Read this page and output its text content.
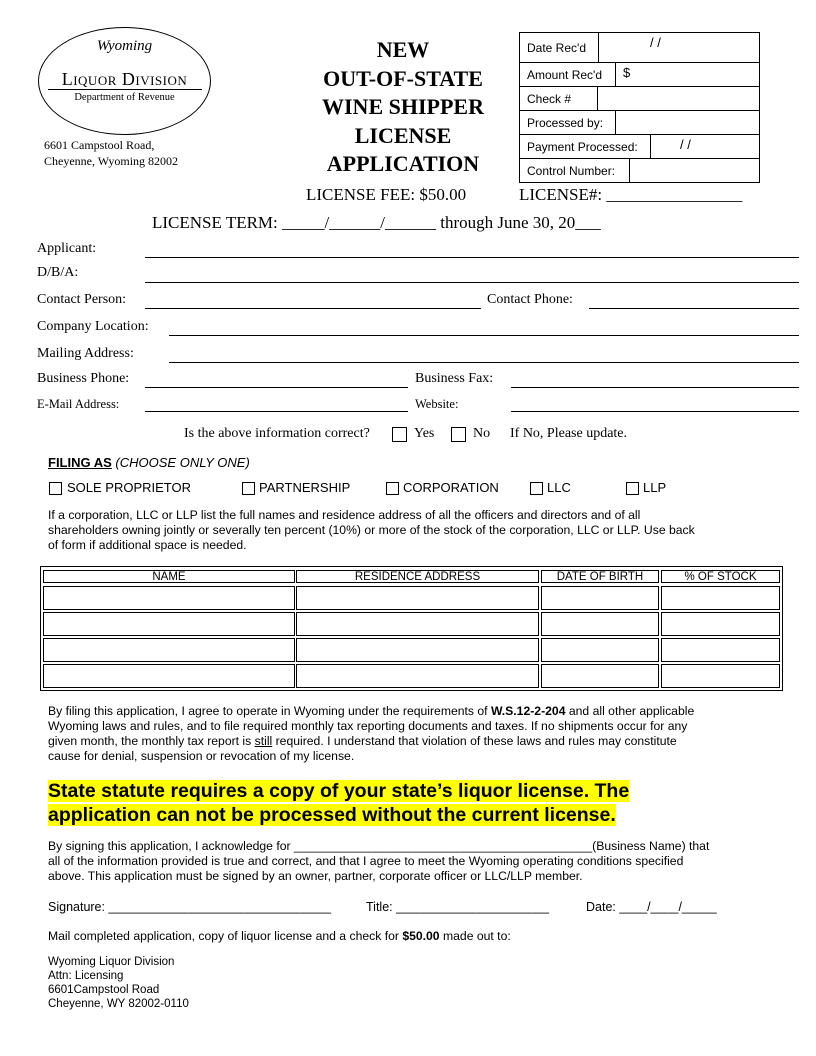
Wyoming
Liquor Division
Department of Revenue
6601 Campstool Road,
Cheyenne, Wyoming 82002
NEW
OUT-OF-STATE
WINE SHIPPER
LICENSE
APPLICATION
Date Rec'd	/ /
Amount Rec'd $
Check #
Processed by:
Payment Processed:	/ /
Control Number:
LICENSE FEE: $50.00	LICENSE#: ________________
LICENSE TERM: _____/______/______ through June 30, 20___
Applicant:
D/B/A:
Contact Person:	Contact Phone:
Company Location:
Mailing Address:
Business Phone:	Business Fax:
E-Mail Address:	Website:
Is the above information correct?	Yes	No If No, Please update.
FILING AS (CHOOSE ONLY ONE)
SOLE PROPRIETOR	PARTNERSHIP	CORPORATION	LLC	LLP
If a corporation, LLC or LLP list the full names and residence address of all the officers and directors and of all
shareholders owning jointly or severally ten percent (10%) or more of the stock of the corporation, LLC or LLP. Use back
of form if additional space is needed.
NAME	RESIDENCE ADDRESS	DATE OF BIRTH	% OF STOCK
By filing this application, I agree to operate in Wyoming under the requirements of W.S.12-2-204 and all other applicable
Wyoming laws and rules, and to file required monthly tax reporting documents and taxes. If no shipments occur for any
given month, the monthly tax report is still required. I understand that violation of these laws and rules may constitute
cause for denial, suspension or revocation of my license.
State statute requires a copy of your state’s liquor license. The
application can not be processed without the current license.
By signing this application, I acknowledge for ____________________________________________(Business Name) that
all of the information provided is true and correct, and that I agree to meet the Wyoming operating conditions specified
above. This application must be signed by an owner, partner, corporate officer or LLC/LLP member.
Signature: ________________________________	Title: ______________________	Date: ____/____/_____
Mail completed application, copy of liquor license and a check for $50.00 made out to:
Wyoming Liquor Division
Attn: Licensing
6601Campstool Road
Cheyenne, WY 82002-0110
